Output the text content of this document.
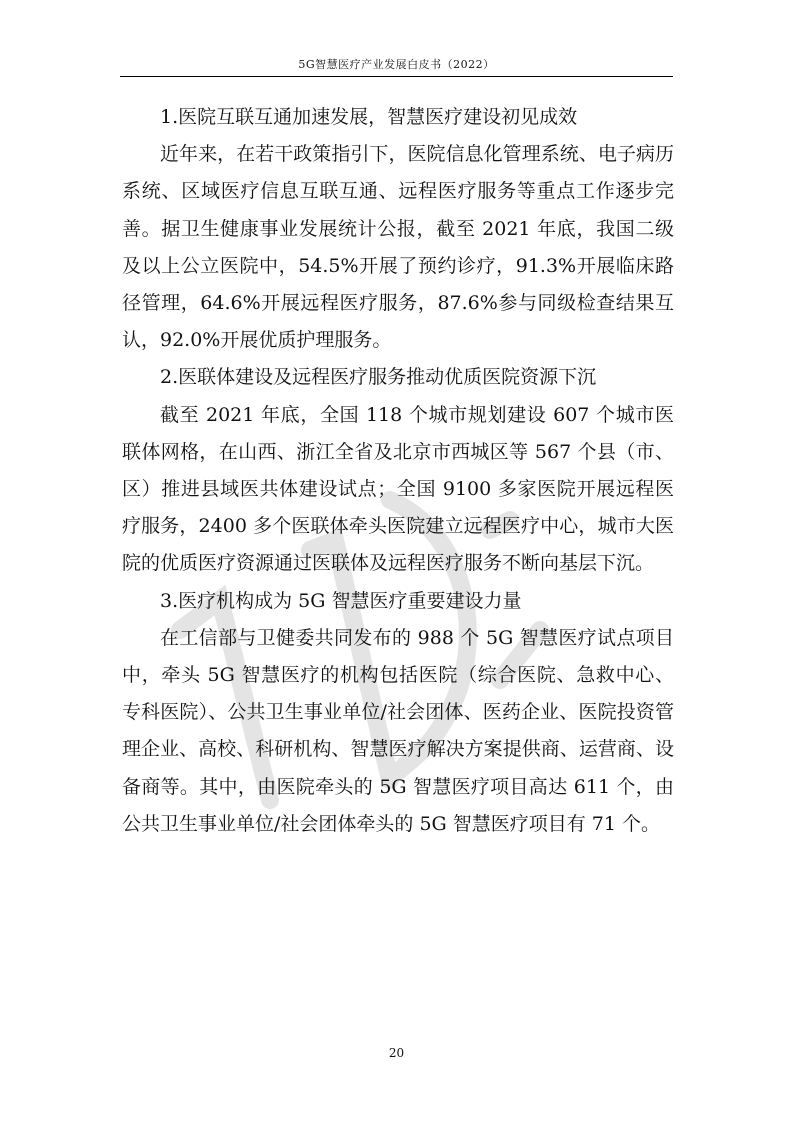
5G智慧医疗产业发展白皮书（2022）

1.医院互联互通加速发展，智慧医疗建设初见成效

近年来，在若干政策指引下，医院信息化管理系统、电子病历系统、区域医疗信息互联互通、远程医疗服务等重点工作逐步完善。据卫生健康事业发展统计公报，截至 2021 年底，我国二级及以上公立医院中，54.5%开展了预约诊疗，91.3%开展临床路径管理，64.6%开展远程医疗服务，87.6%参与同级检查结果互认，92.0%开展优质护理服务。

2.医联体建设及远程医疗服务推动优质医院资源下沉

截至 2021 年底，全国 118 个城市规划建设 607 个城市医联体网格，在山西、浙江全省及北京市西城区等 567 个县（市、区）推进县域医共体建设试点；全国 9100 多家医院开展远程医疗服务，2400 多个医联体牵头医院建立远程医疗中心，城市大医院的优质医疗资源通过医联体及远程医疗服务不断向基层下沉。

3.医疗机构成为 5G 智慧医疗重要建设力量

在工信部与卫健委共同发布的 988 个 5G 智慧医疗试点项目中，牵头 5G 智慧医疗的机构包括医院（综合医院、急救中心、专科医院）、公共卫生事业单位/社会团体、医药企业、医院投资管理企业、高校、科研机构、智慧医疗解决方案提供商、运营商、设备商等。其中，由医院牵头的 5G 智慧医疗项目高达 611 个，由公共卫生事业单位/社会团体牵头的 5G 智慧医疗项目有 71 个。

20
